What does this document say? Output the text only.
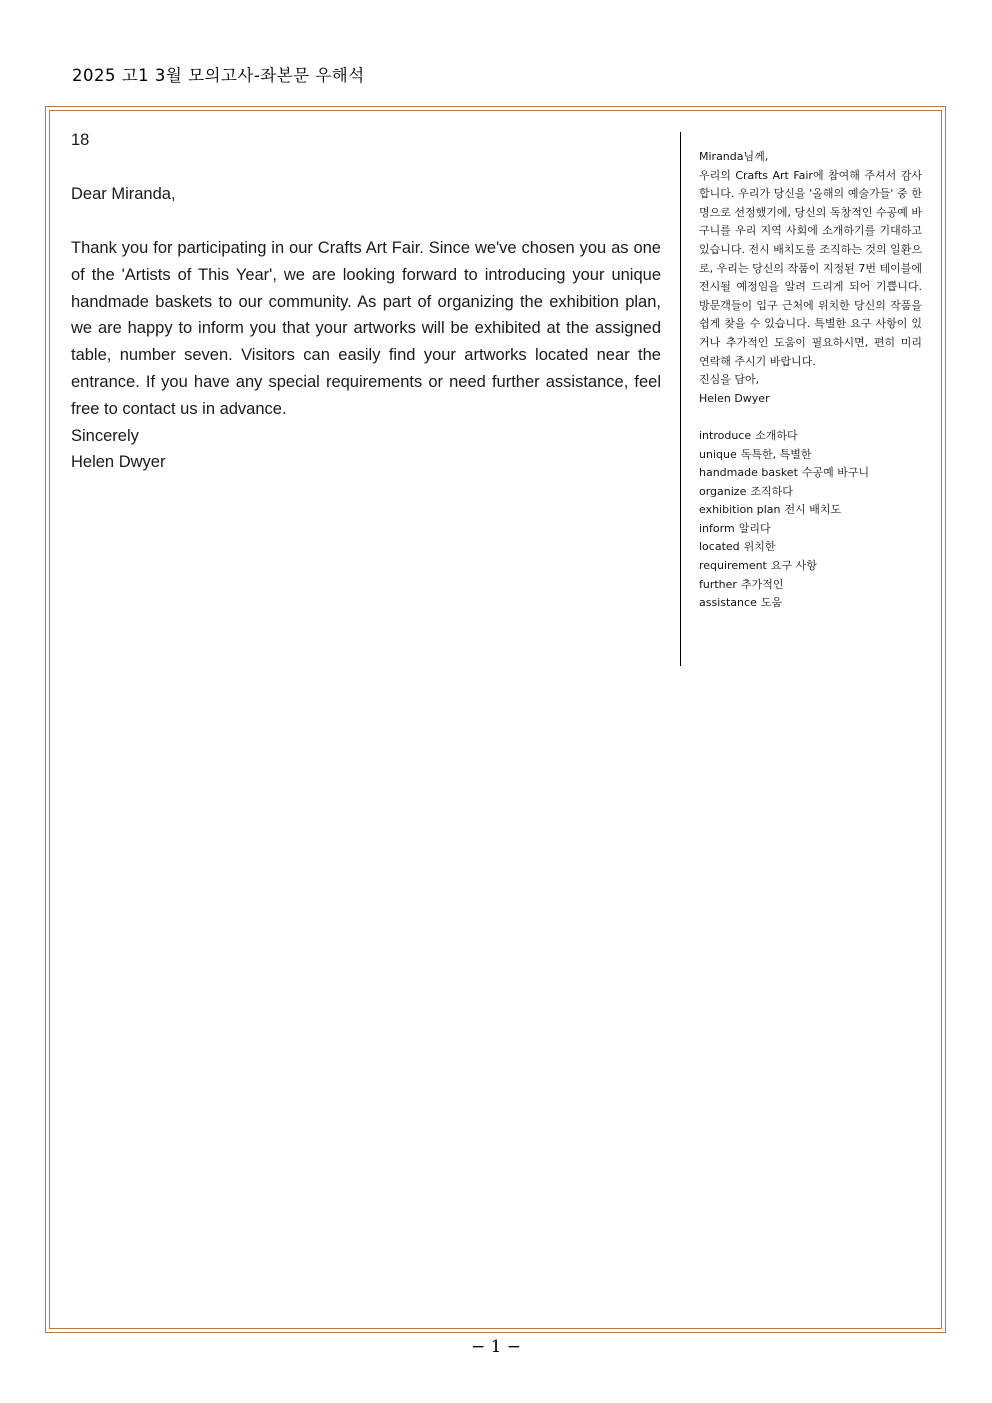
2025 고1 3월 모의고사-좌본문 우해석
18
Dear Miranda,
Thank you for participating in our Crafts Art Fair. Since we've chosen you as one of the 'Artists of This Year', we are looking forward to introducing your unique handmade baskets to our community. As part of organizing the exhibition plan, we are happy to inform you that your artworks will be exhibited at the assigned table, number seven. Visitors can easily find your artworks located near the entrance. If you have any special requirements or need further assistance, feel free to contact us in advance.
Sincerely
Helen Dwyer
Miranda님께,
우리의 Crafts Art Fair에 참여해 주셔서 감사합니다. 우리가 당신을 '올해의 예술가들' 중 한 명으로 선정했기에, 당신의 독창적인 수공예 바구니를 우리 지역 사회에 소개하기를 기대하고 있습니다. 전시 배치도를 조직하는 것의 일환으로, 우리는 당신의 작품이 지정된 7번 테이블에 전시될 예정임을 알려 드리게 되어 기쁩니다. 방문객들이 입구 근처에 위치한 당신의 작품을 쉽게 찾을 수 있습니다. 특별한 요구 사항이 있거나 추가적인 도움이 필요하시면, 편히 미리 연락해 주시기 바랍니다.
진심을 담아,
Helen Dwyer
introduce 소개하다
unique 독특한, 특별한
handmade basket 수공예 바구니
organize 조직하다
exhibition plan 전시 배치도
inform 알리다
located 위치한
requirement 요구 사항
further 추가적인
assistance 도움
− 1 −
